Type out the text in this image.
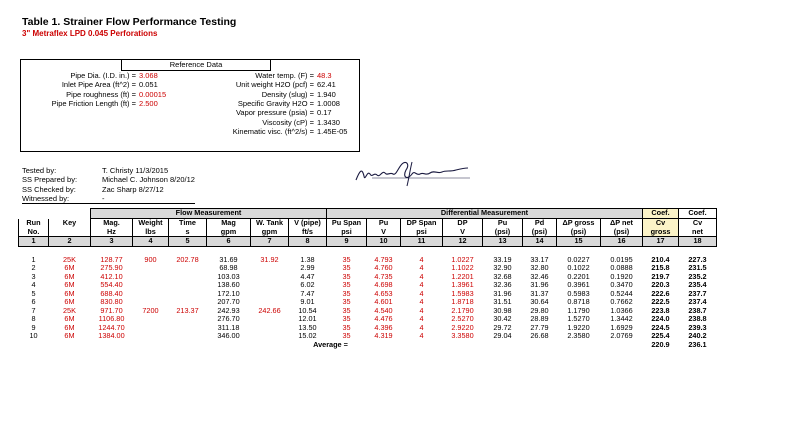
Table 1. Strainer Flow Performance Testing
3" Metraflex LPD 0.045 Perforations
Reference Data
Pipe Dia. (I.D. in.) = 3.068
Inlet Pipe Area (ft^2) = 0.051
Pipe roughness (ft) = 0.00015
Pipe Friction Length (ft) = 2.500
Water temp. (F) = 48.3
Unit weight H2O (pcf) = 62.41
Density (slug) = 1.940
Specific Gravity H2O = 1.0008
Vapor pressure (psia) = 0.17
Viscosity (cP) = 1.3430
Kinematic visc. (ft^2/s) = 1.45E-05
Tested by:	T. Christy 11/3/2015
SS Prepared by:	Michael C. Johnson 8/20/12
SS Checked by:	Zac Sharp 8/27/12
Witnessed by:	-
		Flow Measurement						Differential Measurement								Coef.	Coef.
Run	Key	Mag.	Weight	Time	Mag	W. Tank	V (pipe)	Pu Span	Pu	DP Span	DP	Pu	Pd	ΔP gross	ΔP net	Cv	Cv
No.		Hz	lbs	s	gpm	gpm	ft/s	psi	V	psi	V	(psi)	(psi)	(psi)	(psi)	gross	net
1	2	3	4	5	6	7	8	9	10	11	12	13	14	15	16	17	18

1	25K	128.77	900	202.78	31.69	31.92	1.38	35	4.793	4	1.0227	33.19	33.17	0.0227	0.0195	210.4	227.3
2	6M	275.90			68.98		2.99	35	4.760	4	1.1022	32.90	32.80	0.1022	0.0888	215.8	231.5
3	6M	412.10			103.03		4.47	35	4.735	4	1.2201	32.68	32.46	0.2201	0.1920	219.7	235.2
4	6M	554.40			138.60		6.02	35	4.698	4	1.3961	32.36	31.96	0.3961	0.3470	220.3	235.4
5	6M	688.40			172.10		7.47	35	4.653	4	1.5983	31.96	31.37	0.5983	0.5244	222.6	237.7
6	6M	830.80			207.70		9.01	35	4.601	4	1.8718	31.51	30.64	0.8718	0.7662	222.5	237.4
7	25K	971.70	7200	213.37	242.93	242.66	10.54	35	4.540	4	2.1790	30.98	29.80	1.1790	1.0366	223.8	238.7
8	6M	1106.80			276.70		12.01	35	4.476	4	2.5270	30.42	28.89	1.5270	1.3442	224.0	238.8
9	6M	1244.70			311.18		13.50	35	4.396	4	2.9220	29.72	27.79	1.9220	1.6929	224.5	239.3
10	6M	1384.00			346.00		15.02	35	4.319	4	3.3580	29.04	26.68	2.3580	2.0769	225.4	240.2
Average =																220.9	236.1
